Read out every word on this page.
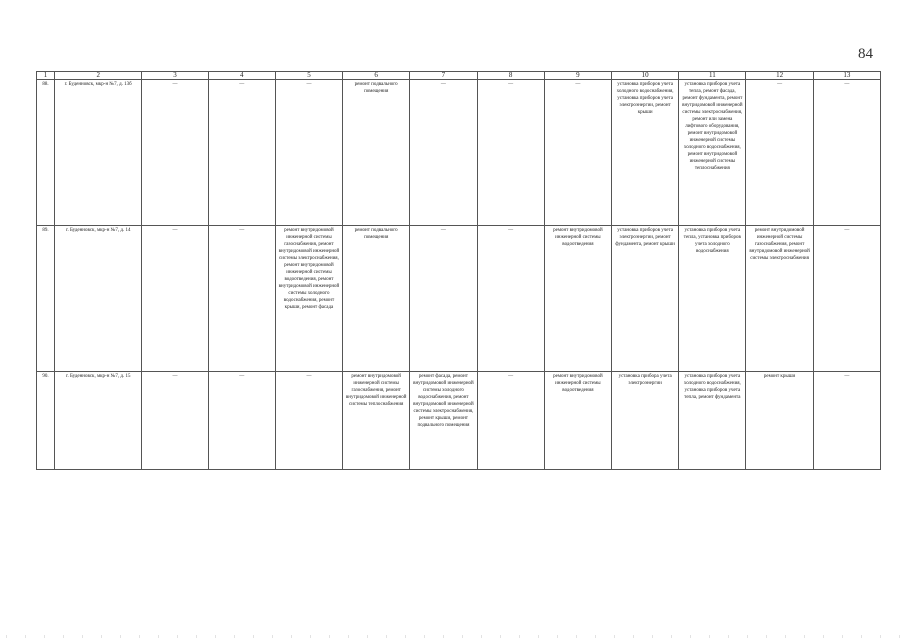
84
1	2	3	4	5	6	7	8	9	10	11	12	13
88.	г. Буденновск, мкр-н №7, д. 13б	—	—	—	ремонт подвального помещения	—	—	—	установка приборов учета холодного водоснабжения, установка приборов учета электроэнергии, ремонт крыши	установка приборов учета тепла, ремонт фасада, ремонт фундамента, ремонт внутридомовой инженерной системы электроснабжения, ремонт или замена лифтового оборудования, ремонт внутридомовой инженерной системы холодного водоснабжения, ремонт внутридомовой инженерной системы теплоснабжения	—	—
89.	г. Буденновск, мкр-н №7, д. 14	—	—	ремонт внутридомовой инженерной системы газоснабжения, ремонт внутридомовой инженерной системы электроснабжения, ремонт внутридомовой инженерной системы водоотведения, ремонт внутридомовой инженерной системы холодного водоснабжения, ремонт крыши, ремонт фасада	ремонт подвального помещения	—	—	ремонт внутридомовой инженерной системы водоотведения	установка приборов учета электроэнергии, ремонт фундамента, ремонт крыши	установка приборов учета тепла, установка приборов учета холодного водоснабжения	ремонт внутридомовой инженерной системы газоснабжения, ремонт внутридомовой инженерной системы электроснабжения	—
90.	г. Буденновск, мкр-н №7, д. 15	—	—	—	ремонт внутридомовой инженерной системы газоснабжения, ремонт внутридомовой инженерной системы теплоснабжения	ремонт фасада, ремонт внутридомовой инженерной системы холодного водоснабжения, ремонт внутридомовой инженерной системы электроснабжения, ремонт крыши, ремонт подвального помещения	—	ремонт внутридомовой инженерной системы водоотведения	установка прибора учета электроэнергии	установка приборов учета холодного водоснабжения, установка приборов учета тепла, ремонт фундамента	ремонт крыши	—
